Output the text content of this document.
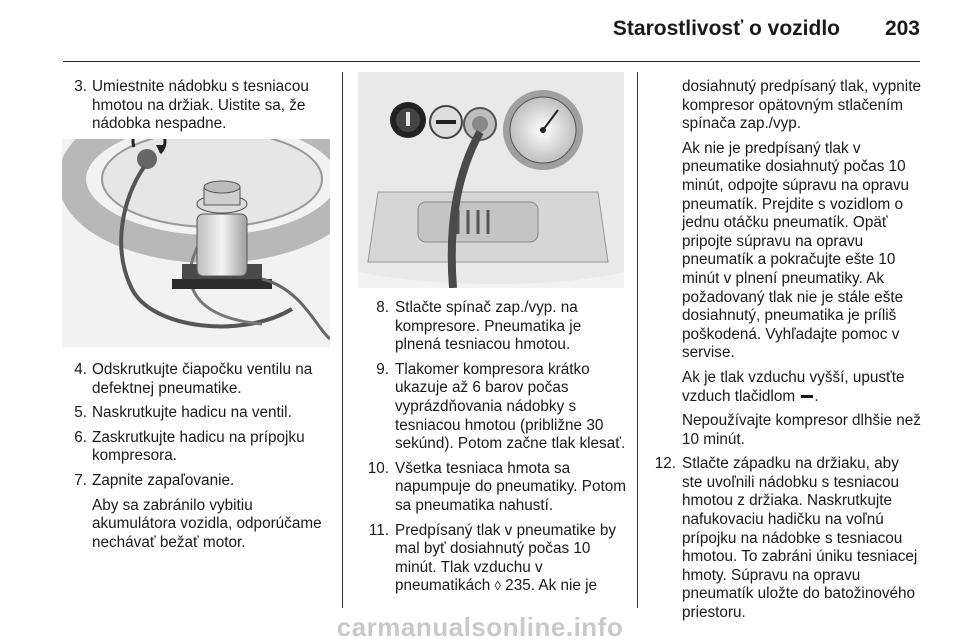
Starostlivosť o vozidlo 203
3. Umiestnite nádobku s tesniacou hmotou na držiak. Uistite sa, že nádobka nespadne.
4. Odskrutkujte čiapočku ventilu na defektnej pneumatike.
5. Naskrutkujte hadicu na ventil.
6. Zaskrutkujte hadicu na prípojku kompresora.
7. Zapnite zapaľovanie.
Aby sa zabránilo vybitiu akumulátora vozidla, odporúčame nechávať bežať motor.
8. Stlačte spínač zap./vyp. na kompresore. Pneumatika je plnená tesniacou hmotou.
9. Tlakomer kompresora krátko ukazuje až 6 barov počas vyprázdňovania nádobky s tesniacou hmotou (približne 30 sekúnd). Potom začne tlak klesať.
10. Všetka tesniaca hmota sa napumpuje do pneumatiky. Potom sa pneumatika nahustí.
11. Predpísaný tlak v pneumatike by mal byť dosiahnutý počas 10 minút. Tlak vzduchu v pneumatikách ◊ 235. Ak nie je
dosiahnutý predpísaný tlak, vypnite kompresor opätovným stlačením spínača zap./vyp.
Ak nie je predpísaný tlak v pneumatike dosiahnutý počas 10 minút, odpojte súpravu na opravu pneumatík. Prejdite s vozidlom o jednu otáčku pneumatík. Opäť pripojte súpravu na opravu pneumatík a pokračujte ešte 10 minút v plnení pneumatiky. Ak požadovaný tlak nie je stále ešte dosiahnutý, pneumatika je príliš poškodená. Vyhľadajte pomoc v servise.
Ak je tlak vzduchu vyšší, upusťte vzduch tlačidlom .
Nepoužívajte kompresor dlhšie než 10 minút.
12. Stlačte západku na držiaku, aby ste uvoľnili nádobku s tesniacou hmotou z držiaka. Naskrutkujte nafukovaciu hadičku na voľnú prípojku na nádobke s tesniacou hmotou. To zabráni úniku tesniacej hmoty. Súpravu na opravu pneumatík uložte do batožinového priestoru.
carmanualsonline.info
